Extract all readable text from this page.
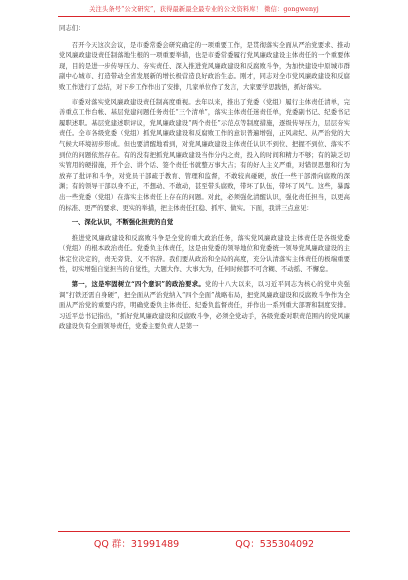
关注头条号“公文研究”，获得最新最全最专业的公文资料库！ 微信：gongwenyj

同志们：

召开今天这次会议，是市委常委会研究确定的一项重要工作，是贯彻落实全面从严治党要求、推动党风廉政建设责任制落地生根的一项重要举措，也是市委常委履行党风廉政建设主体责任的一个重要体现，目的是进一步传导压力、夯实责任、深入推进党风廉政建设和反腐败斗争，为加快建设中原城市群副中心城市、打造带动全省发展新的增长极营造良好政治生态。刚才，同志对全市党风廉政建设和反腐败工作进行了总结，对下步工作作出了安排，几家单位作了发言，大家要学思践悟，抓好落实。

市委对落实党风廉政建设责任制高度重视。去年以来，推出了党委（党组）履行主体责任清单，完善重点工作台帐、基层党建问题任务责任“三个清单”，落实主体责任迷责任单，党委副书记、纪委书记履职述职。基层党建述职评议，党风廉政建设“两个责任”示范点等制度措施，逐级传导压力，层层夯实责任。全市各级党委（党组）抓党风廉政建设和反腐败工作的意识普遍增强，正风肃纪、从严治党的大气候大环境初步形成。但也要清醒地看到，对党风廉政建设主体责任认识不到位、把握不到位、落实不到位的问题依然存在。有的没有把抓党风廉政建设当作分内之责，投入的时间和精力不够；有的缺乏切实管用的硬措施，开个会、讲个话、签个责任书就整万事大吉；有的好人主义严重，对错误思想和行为放弃了批评和斗争，对党员干部疏于教育、管理和监督，不敢较真碰硬，放任一些干部滑向腐败的深渊；有的领导干部以身不正，不想动、不敢动，甚至带头腐败，带坏了队伍，带坏了风气。这些，暴露出一些党委（党组）在落实主体责任上存在的问题。对此，必须强化清醒认识，强化责任担当，以更高的标准、更严的要求、更实的举措，把主体责任扛稳、抓牢、做实。下面，我讲三点意见：

一、深化认识，不断强化担责的自觉

推进党风廉政建设和反腐败斗争是全党的重大政治任务，落实党风廉政建设主体责任是各级党委（党组）的根本政治责任。党委负主体责任，这是由党委的领导地位和党委统一领导党风廉政建设的主体定位决定的，责无旁贷、义不容辞。我们要从政治和全局的高度，充分认清落实主体责任的极端重要性，切实增强自觉担当的自觉性，大题大作、大事大为，任何时候都不可含糊、不动摇、不懈怠。

第一，这是牢固树立“四个意识”的政治要求。党的十八大以来，以习近平同志为核心的党中央强调“打铁还需自身硬”，把全面从严治党纳入“四个全面”战略布局，把党风廉政建设和反腐败斗争作为全面从严治党的重要内容，明确党委负主体责任、纪委负监督责任，并作出一系列重大部署和制度安排。习近平总书记指出，“抓好党风廉政建设和反腐败斗争，必须全党动手，各级党委对职责范围内的党风廉政建设负有全面领导责任，党委主要负责人是第一

QQ 群：31991489	QQ：535304092
